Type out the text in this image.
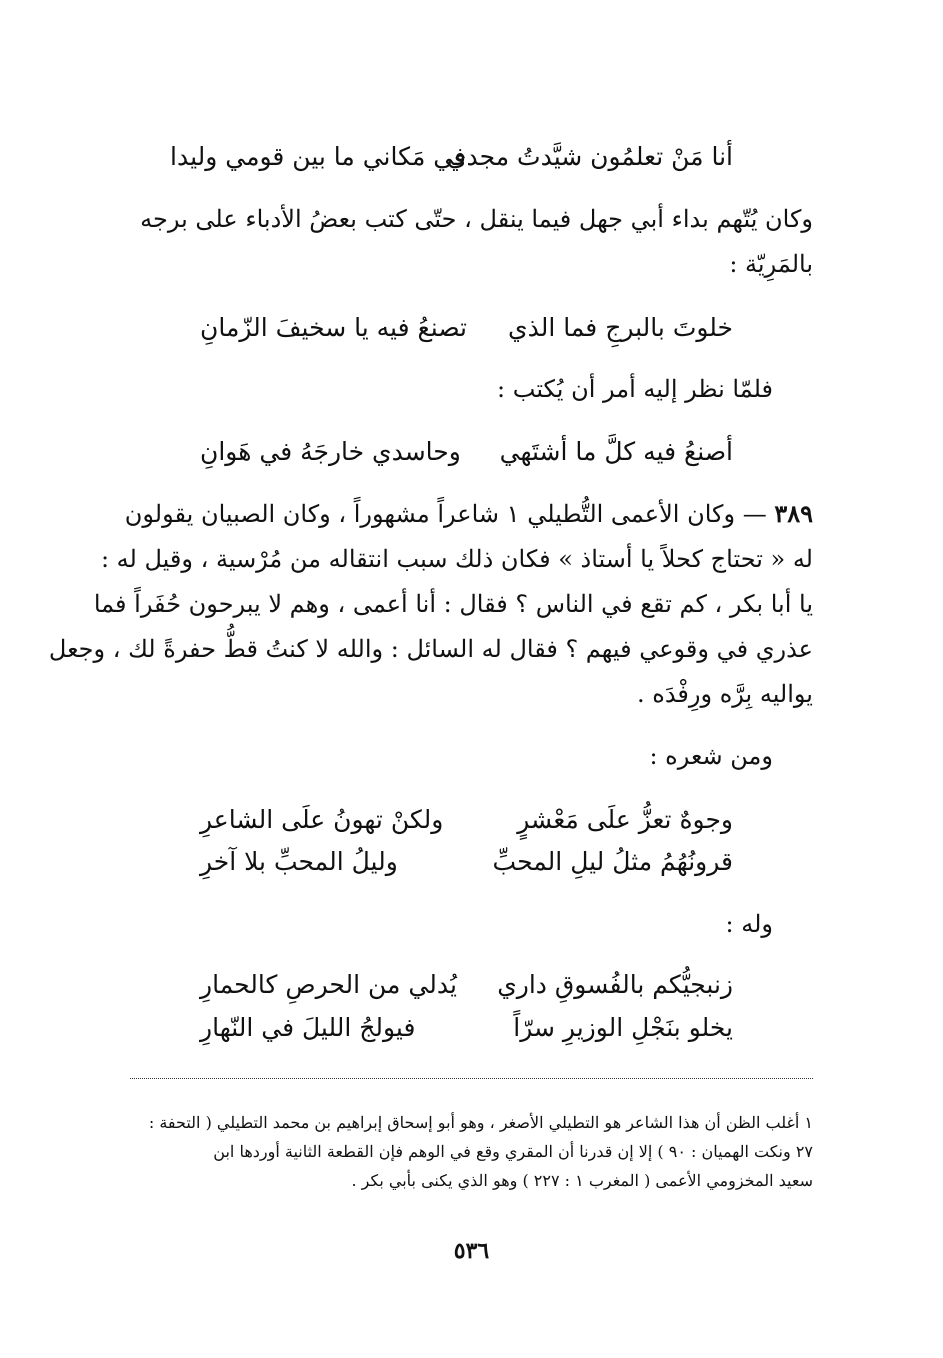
أنا مَنْ تعلمُون شيَّدتُ مجدي
في مَكاني ما بين قومي وليدا
وكان يُتّهم بداء أبي جهل فيما ينقل ، حتّى كتب بعضُ الأدباء على برجه
بالمَرِيّة :
خلوتَ بالبرجِ فما الذي
تصنعُ فيه يا سخيفَ الزّمانِ
فلمّا نظر إليه أمر أن يُكتب :
أصنعُ فيه كلَّ ما أشتَهي
وحاسدي خارجَهُ في هَوانِ
٣٨٩ — وكان الأعمى التُّطيلي ١ شاعراً مشهوراً ، وكان الصبيان يقولون
له « تحتاج كحلاً يا أستاذ » فكان ذلك سبب انتقاله من مُرْسية ، وقيل له :
يا أبا بكر ، كم تقع في الناس ؟ فقال : أنا أعمى ، وهم لا يبرحون حُفَراً فما
عذري في وقوعي فيهم ؟ فقال له السائل : والله لا كنتُ قطُّ حفرةً لك ، وجعل
يواليه بِرَّه ورِفْدَه .
ومن شعره :
وجوهٌ تعزُّ علَى مَعْشرٍ
ولكنْ تهونُ علَى الشاعرِ
قرونُهُمُ مثلُ ليلِ المحبِّ
وليلُ المحبِّ بلا آخرِ
وله :
زنبجيُّكم بالفُسوقِ داري
يُدلي من الحرصِ كالحمارِ
يخلو بنَجْلِ الوزيرِ سرّاً
فيولجُ الليلَ في النّهارِ
١ أغلب الظن أن هذا الشاعر هو التطيلي الأصغر ، وهو أبو إسحاق إبراهيم بن محمد التطيلي ( التحفة :
٢٧ ونكت الهميان : ٩٠ ) إلا إن قدرنا أن المقري وقع في الوهم فإن القطعة الثانية أوردها ابن
سعيد المخزومي الأعمى ( المغرب ١ : ٢٢٧ ) وهو الذي يكنى بأبي بكر .
٥٣٦
